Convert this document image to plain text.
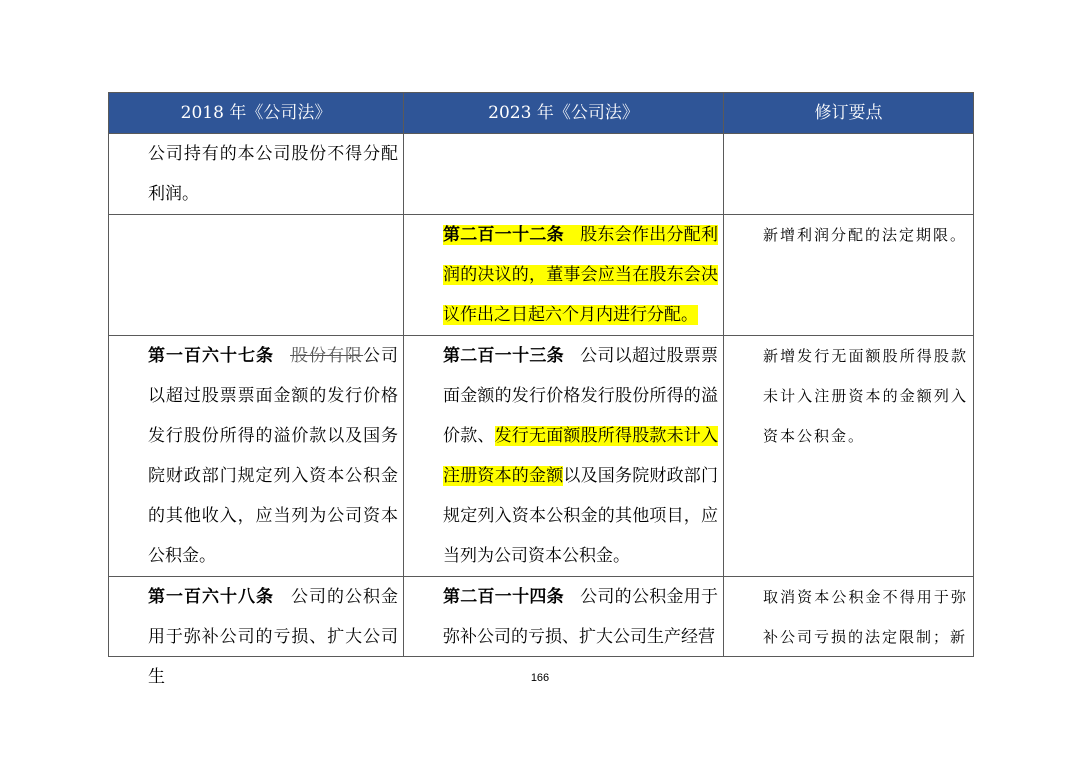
2018 年《公司法》	2023 年《公司法》	修订要点

公司持有的本公司股份不得分配利润。		

	第二百一十二条 股东会作出分配利润的决议的，董事会应当在股东会决议作出之日起六个月内进行分配。	新增利润分配的法定期限。

第一百六十七条 股份有限公司以超过股票票面金额的发行价格发行股份所得的溢价款以及国务院财政部门规定列入资本公积金的其他收入，应当列为公司资本公积金。	第二百一十三条 公司以超过股票票面金额的发行价格发行股份所得的溢价款、发行无面额股所得股款未计入注册资本的金额以及国务院财政部门规定列入资本公积金的其他项目，应当列为公司资本公积金。	新增发行无面额股所得股款未计入注册资本的金额列入资本公积金。

第一百六十八条 公司的公积金用于弥补公司的亏损、扩大公司生	第二百一十四条 公司的公积金用于弥补公司的亏损、扩大公司生产经营	取消资本公积金不得用于弥补公司亏损的法定限制；新
166
